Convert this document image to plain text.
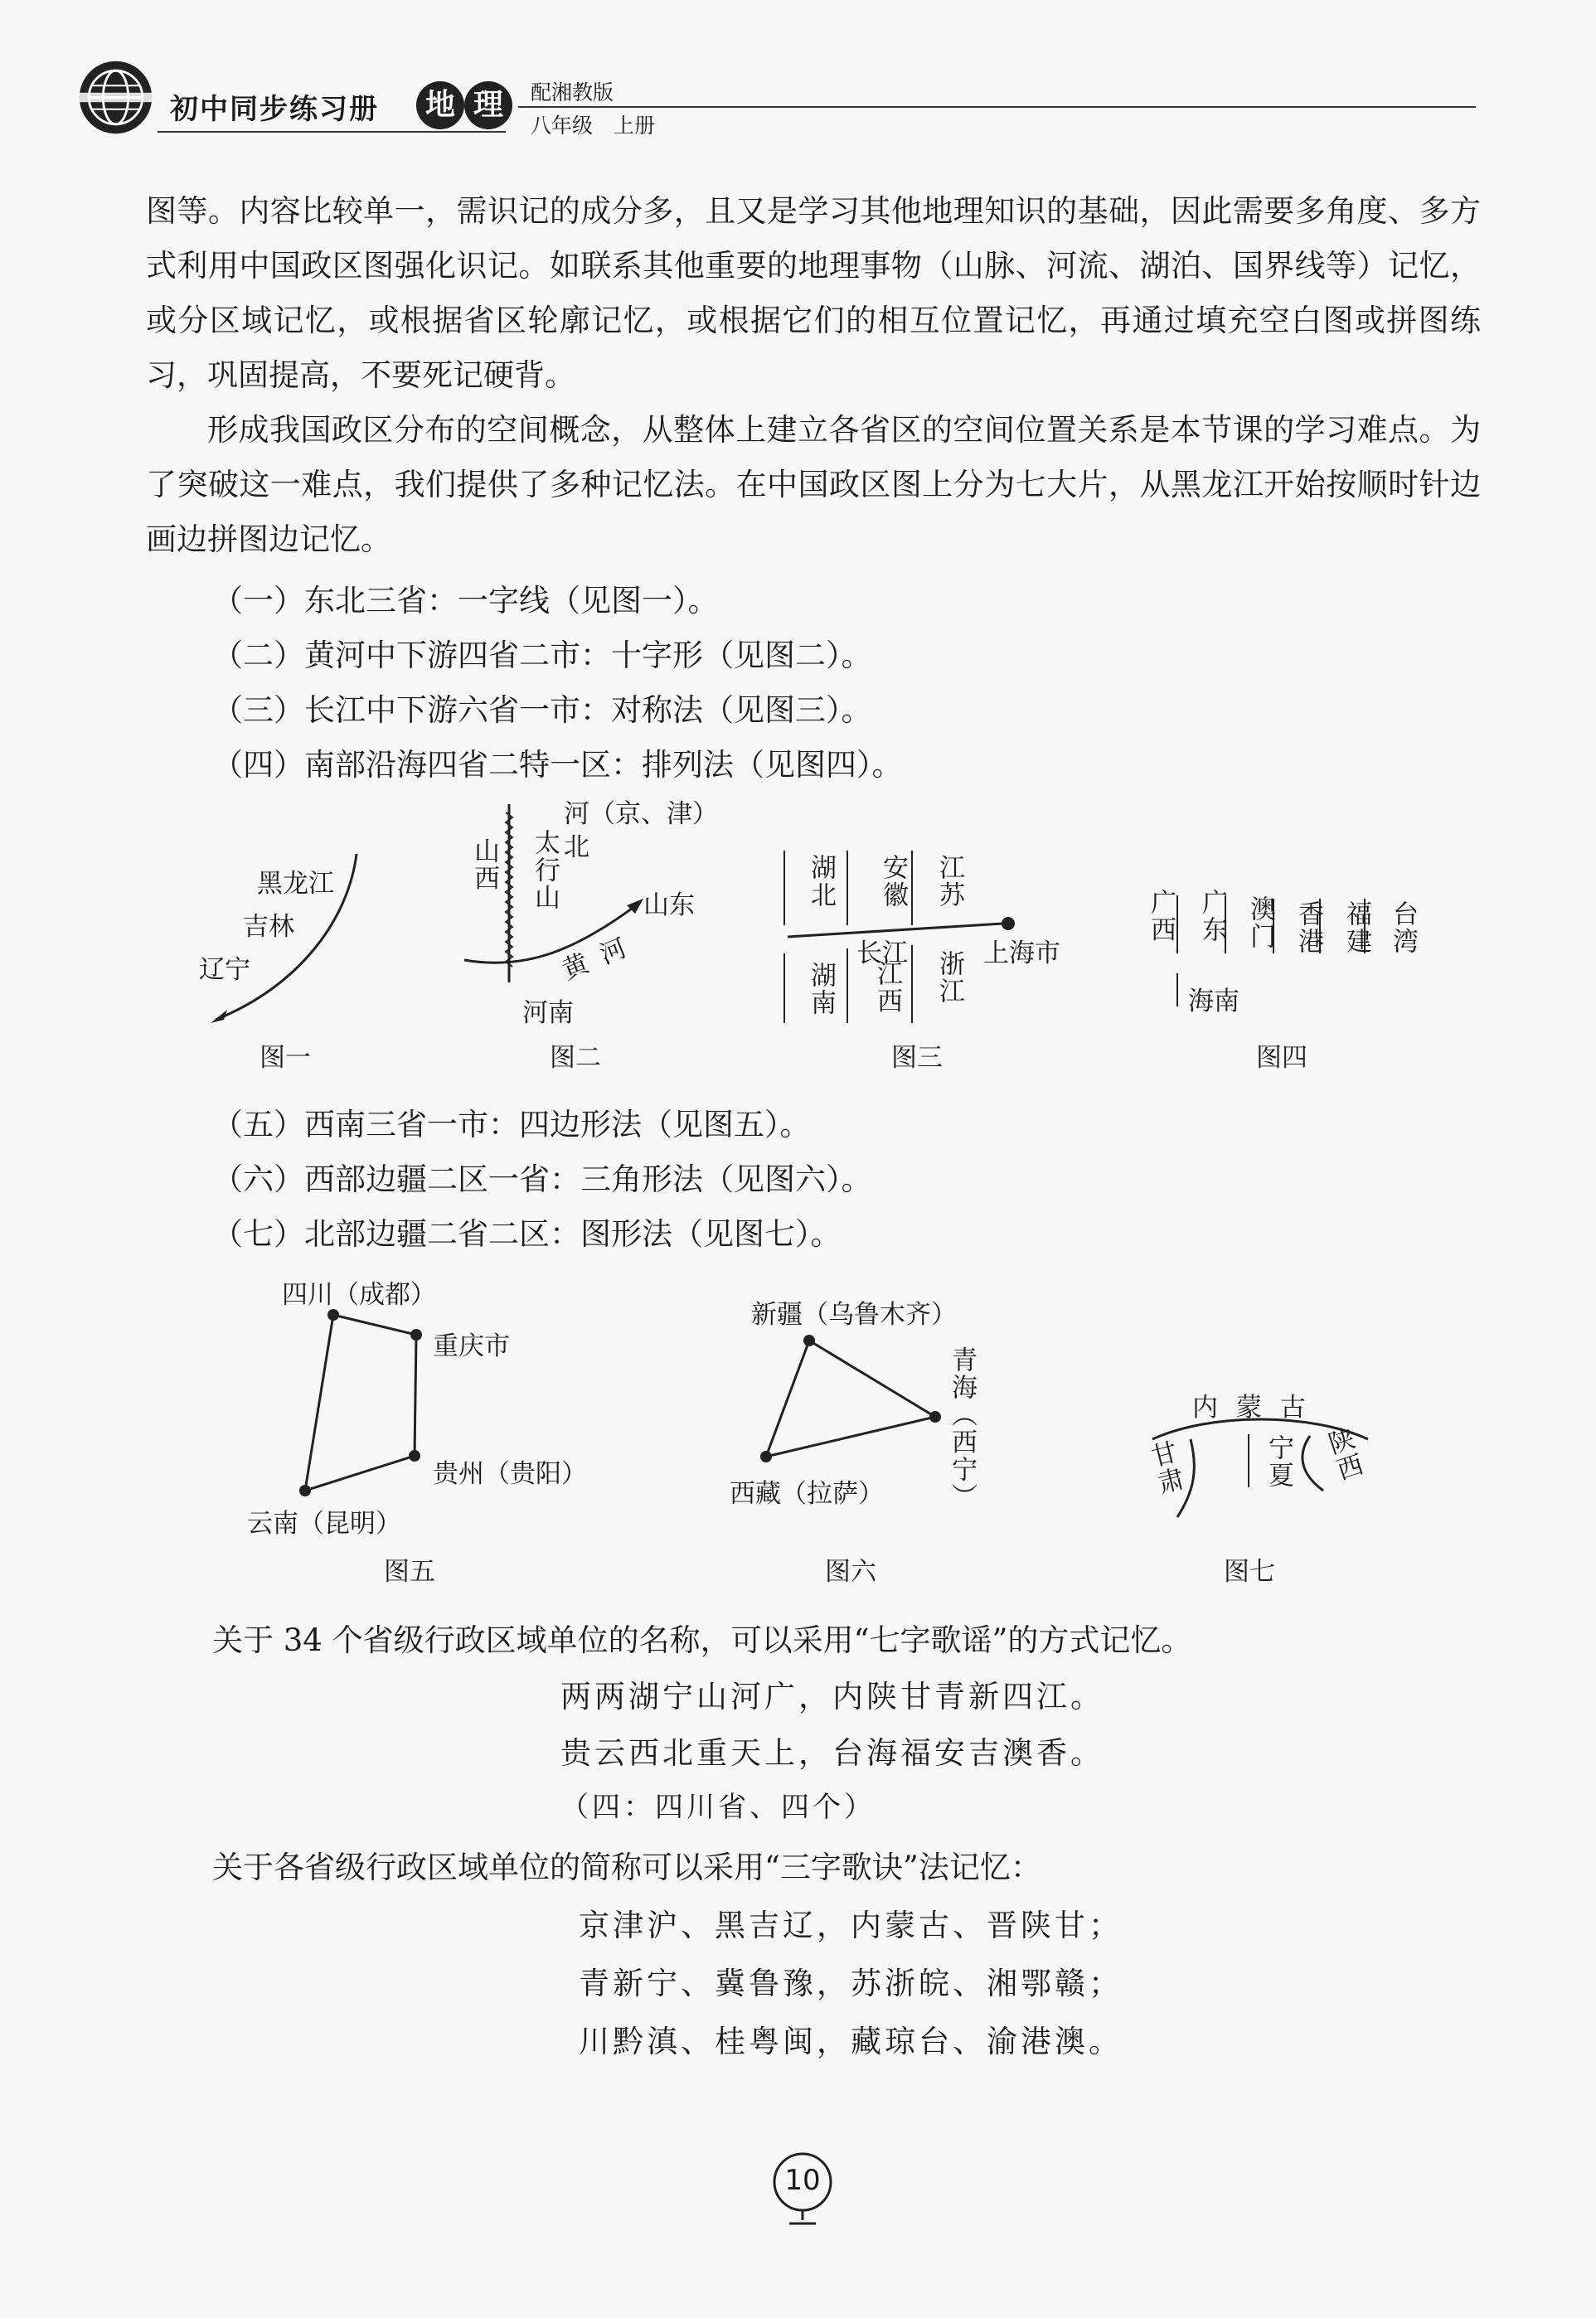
初中同步练习册	地 理	配湘教版
八年级　上册
图等。内容比较单一，需识记的成分多，且又是学习其他地理知识的基础，因此需要多角度、多方式利用中国政区图强化识记。如联系其他重要的地理事物（山脉、河流、湖泊、国界线等）记忆，或分区域记忆，或根据省区轮廓记忆，或根据它们的相互位置记忆，再通过填充空白图或拼图练习，巩固提高，不要死记硬背。
形成我国政区分布的空间概念，从整体上建立各省区的空间位置关系是本节课的学习难点。为了突破这一难点，我们提供了多种记忆法。在中国政区图上分为七大片，从黑龙江开始按顺时针边画边拼图边记忆。
（一）东北三省：一字线（见图一）。
（二）黄河中下游四省二市：十字形（见图二）。
（三）长江中下游六省一市：对称法（见图三）。
（四）南部沿海四省二特一区：排列法（见图四）。
黑龙江
吉林
辽宁
图一
河（京、津）
北
山西 太行山	山东
黄河
河南
图二
湖北 安徽 江苏
长江	上海市
湖南 江西 浙江
图三
广西 广东 澳门 香港 福建 台湾
海南
图四
（五）西南三省一市：四边形法（见图五）。
（六）西部边疆二区一省：三角形法（见图六）。
（七）北部边疆二省二区：图形法（见图七）。
四川（成都）
重庆市
贵州（贵阳）
云南（昆明）
图五
新疆（乌鲁木齐）
青海（西宁）
西藏（拉萨）
图六
内 蒙 古
甘肃	宁夏 陕西
图七
关于 34 个省级行政区域单位的名称，可以采用“七字歌谣”的方式记忆。
两两湖宁山河广，内陕甘青新四江。
贵云西北重天上，台海福安吉澳香。
（四：四川省、四个）
关于各省级行政区域单位的简称可以采用“三字歌诀”法记忆：
京津沪、黑吉辽，内蒙古、晋陕甘；
青新宁、冀鲁豫，苏浙皖、湘鄂赣；
川黔滇、桂粤闽，藏琼台、渝港澳。
10
